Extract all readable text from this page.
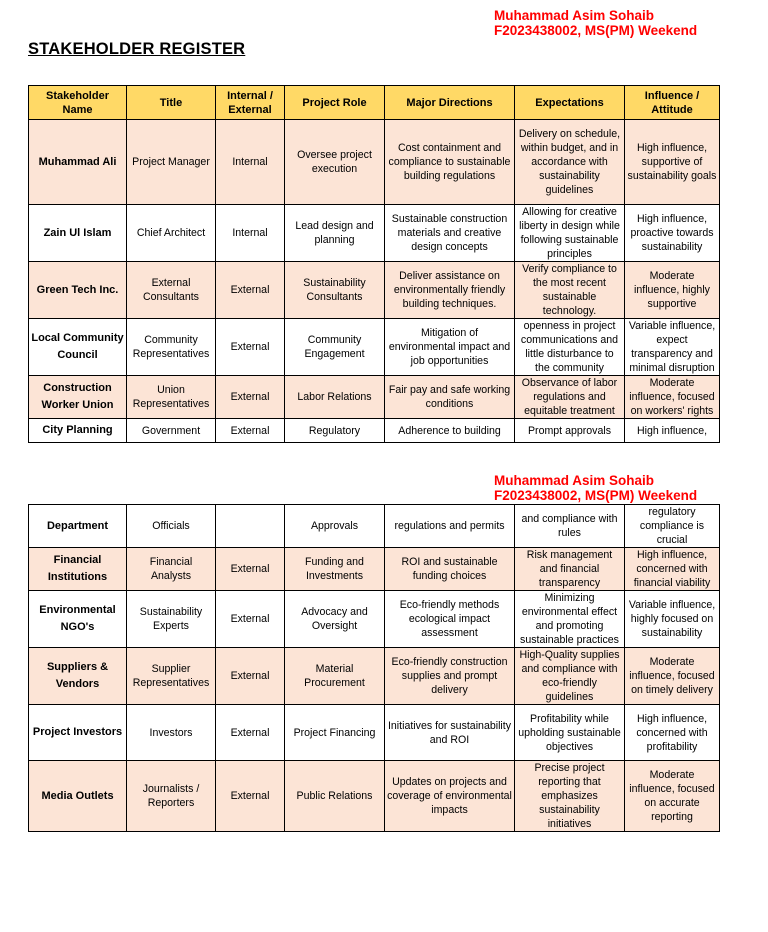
Muhammad Asim Sohaib
F2023438002, MS(PM) Weekend
STAKEHOLDER REGISTER
Stakeholder Name	Title	Internal / External	Project Role	Major Directions	Expectations	Influence / Attitude
Muhammad Ali	Project Manager	Internal	Oversee project execution	Cost containment and compliance to sustainable building regulations	Delivery on schedule, within budget, and in accordance with sustainability guidelines	High influence, supportive of sustainability goals
Zain Ul Islam	Chief Architect	Internal	Lead design and planning	Sustainable construction materials and creative design concepts	Allowing for creative liberty in design while following sustainable principles	High influence, proactive towards sustainability
Green Tech Inc.	External Consultants	External	Sustainability Consultants	Deliver assistance on environmentally friendly building techniques.	Verify compliance to the most recent sustainable technology.	Moderate influence, highly supportive
Local Community Council	Community Representatives	External	Community Engagement	Mitigation of environmental impact and job opportunities	openness in project communications and little disturbance to the community	Variable influence, expect transparency and minimal disruption
Construction Worker Union	Union Representatives	External	Labor Relations	Fair pay and safe working conditions	Observance of labor regulations and equitable treatment	Moderate influence, focused on workers' rights
City Planning	Government	External	Regulatory	Adherence to building	Prompt approvals	High influence,
Muhammad Asim Sohaib
F2023438002, MS(PM) Weekend
Department	Officials		Approvals	regulations and permits	and compliance with rules	regulatory compliance is crucial
Financial Institutions	Financial Analysts	External	Funding and Investments	ROI and sustainable funding choices	Risk management and financial transparency	High influence, concerned with financial viability
Environmental NGO's	Sustainability Experts	External	Advocacy and Oversight	Eco-friendly methods ecological impact assessment	Minimizing environmental effect and promoting sustainable practices	Variable influence, highly focused on sustainability
Suppliers & Vendors	Supplier Representatives	External	Material Procurement	Eco-friendly construction supplies and prompt delivery	High-Quality supplies and compliance with eco-friendly guidelines	Moderate influence, focused on timely delivery
Project Investors	Investors	External	Project Financing	Initiatives for sustainability and ROI	Profitability while upholding sustainable objectives	High influence, concerned with profitability
Media Outlets	Journalists / Reporters	External	Public Relations	Updates on projects and coverage of environmental impacts	Precise project reporting that emphasizes sustainability initiatives	Moderate influence, focused on accurate reporting
